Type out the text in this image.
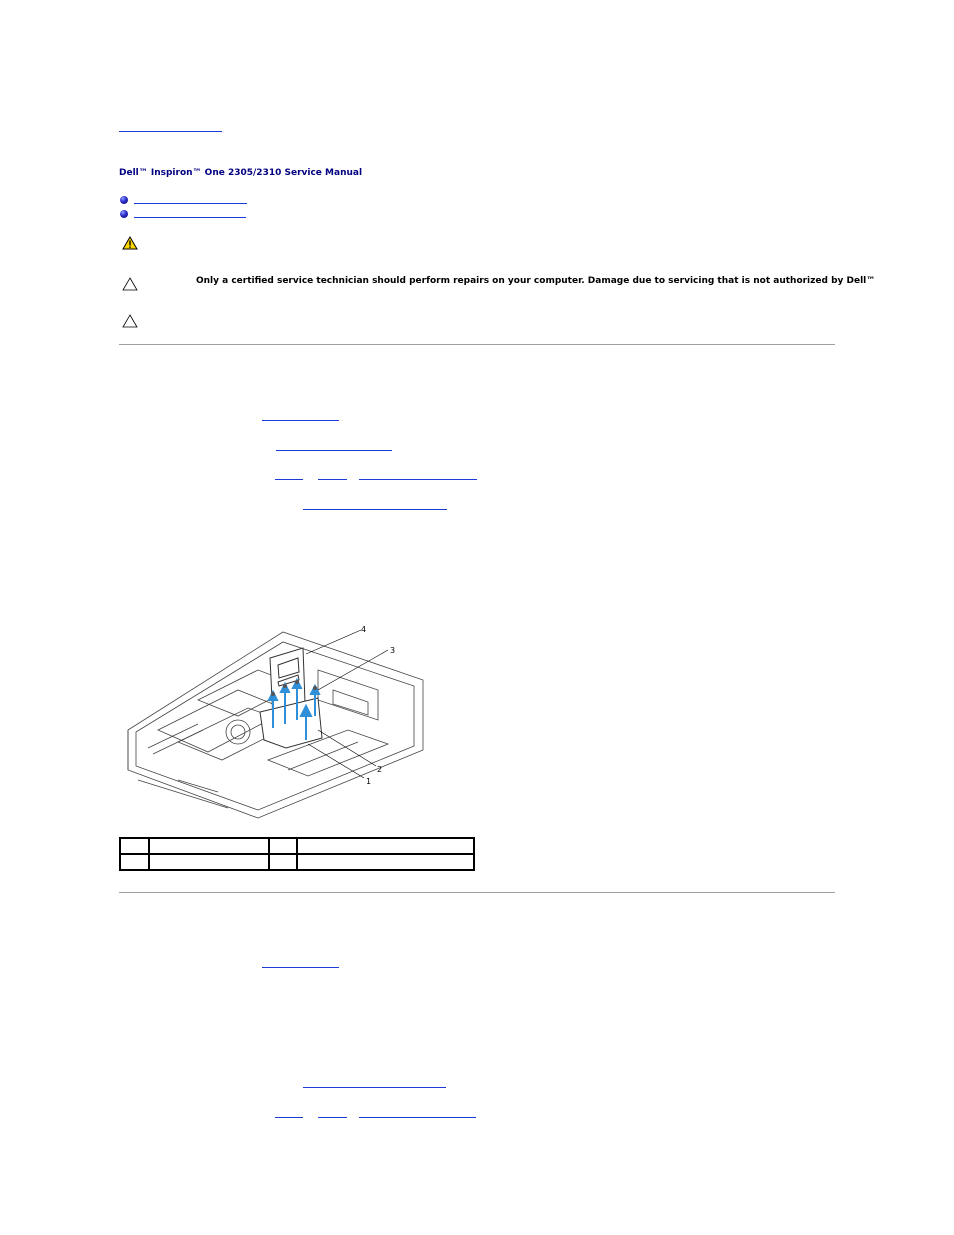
Dell™ Inspiron™ One 2305/2310 Service Manual
Only a certified service technician should perform repairs on your computer. Damage due to servicing that is not authorized by Dell™
4
3
2
1
